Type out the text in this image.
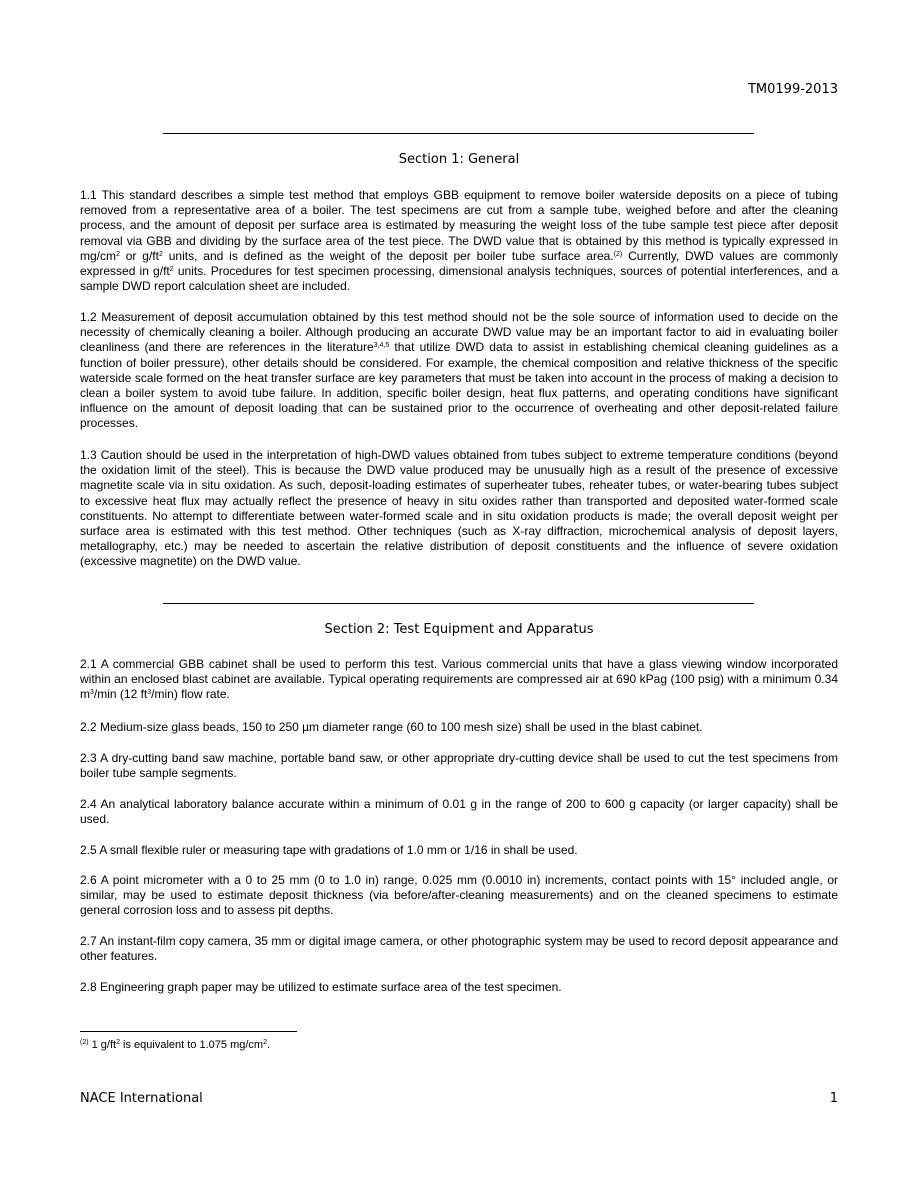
TM0199-2013
Section 1: General

1.1 This standard describes a simple test method that employs GBB equipment to remove boiler waterside deposits on a piece of tubing removed from a representative area of a boiler. The test specimens are cut from a sample tube, weighed before and after the cleaning process, and the amount of deposit per surface area is estimated by measuring the weight loss of the tube sample test piece after deposit removal via GBB and dividing by the surface area of the test piece. The DWD value that is obtained by this method is typically expressed in $mg/cm^2$ or $g/ft^2$ units, and is defined as the weight of the deposit per boiler tube surface area.$^{(2)}$ Currently, DWD values are commonly expressed in $g/ft^2$ units. Procedures for test specimen processing, dimensional analysis techniques, sources of potential interferences, and a sample DWD report calculation sheet are included.

1.2 Measurement of deposit accumulation obtained by this test method should not be the sole source of information used to decide on the necessity of chemically cleaning a boiler. Although producing an accurate DWD value may be an important factor to aid in evaluating boiler cleanliness (and there are references in the literature$^{3,4,5}$ that utilize DWD data to assist in establishing chemical cleaning guidelines as a function of boiler pressure), other details should be considered. For example, the chemical composition and relative thickness of the specific waterside scale formed on the heat transfer surface are key parameters that must be taken into account in the process of making a decision to clean a boiler system to avoid tube failure. In addition, specific boiler design, heat flux patterns, and operating conditions have significant influence on the amount of deposit loading that can be sustained prior to the occurrence of overheating and other deposit-related failure processes.

1.3 Caution should be used in the interpretation of high-DWD values obtained from tubes subject to extreme temperature conditions (beyond the oxidation limit of the steel). This is because the DWD value produced may be unusually high as a result of the presence of excessive magnetite scale via in situ oxidation. As such, deposit-loading estimates of superheater tubes, reheater tubes, or water-bearing tubes subject to excessive heat flux may actually reflect the presence of heavy in situ oxides rather than transported and deposited water-formed scale constituents. No attempt to differentiate between water-formed scale and in situ oxidation products is made; the overall deposit weight per surface area is estimated with this test method. Other techniques (such as X-ray diffraction, microchemical analysis of deposit layers, metallography, etc.) may be needed to ascertain the relative distribution of deposit constituents and the influence of severe oxidation (excessive magnetite) on the DWD value.

Section 2: Test Equipment and Apparatus

2.1 A commercial GBB cabinet shall be used to perform this test. Various commercial units that have a glass viewing window incorporated within an enclosed blast cabinet are available. Typical operating requirements are compressed air at 690 kPag (100 psig) with a minimum 0.34 $m^3/\min$ (12 $ft^3/\min$) flow rate.

2.2 Medium-size glass beads, 150 to 250 µm diameter range (60 to 100 mesh size) shall be used in the blast cabinet.

2.3 A dry-cutting band saw machine, portable band saw, or other appropriate dry-cutting device shall be used to cut the test specimens from boiler tube sample segments.

2.4 An analytical laboratory balance accurate within a minimum of 0.01 g in the range of 200 to 600 g capacity (or larger capacity) shall be used.

2.5 A small flexible ruler or measuring tape with gradations of 1.0 mm or 1/16 in shall be used.

2.6 A point micrometer with a 0 to 25 mm (0 to 1.0 in) range, 0.025 mm (0.0010 in) increments, contact points with 15° included angle, or similar, may be used to estimate deposit thickness (via before/after-cleaning measurements) and on the cleaned specimens to estimate general corrosion loss and to assess pit depths.

2.7 An instant-film copy camera, 35 mm or digital image camera, or other photographic system may be used to record deposit appearance and other features.

2.8 Engineering graph paper may be utilized to estimate surface area of the test specimen.

$^{(2)}$ 1 $g/ft^2$ is equivalent to 1.075 $mg/cm^2$.
NACE International	1
